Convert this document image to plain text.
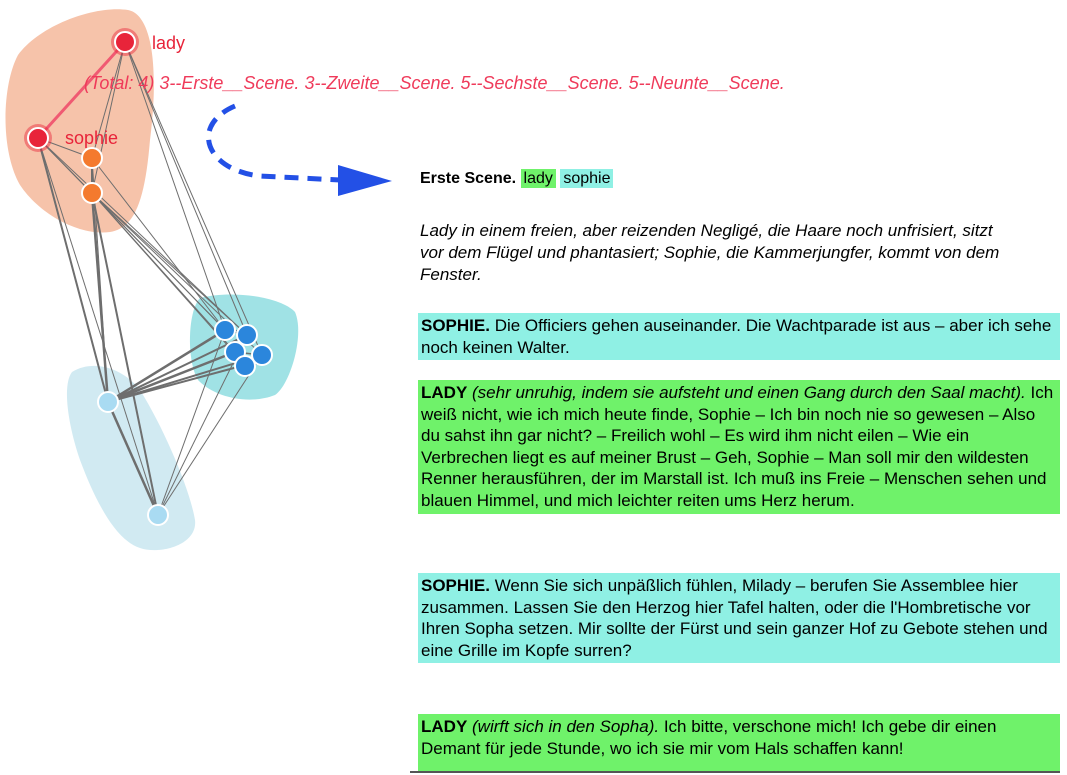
lady
sophie
(Total: 4) 3--Erste__Scene. 3--Zweite__Scene. 5--Sechste__Scene. 5--Neunte__Scene.
Erste Scene. lady sophie
Lady in einem freien, aber reizenden Negligé, die Haare noch unfrisiert, sitzt vor dem Flügel und phantasiert; Sophie, die Kammerjungfer, kommt von dem Fenster.
SOPHIE. Die Officiers gehen auseinander. Die Wachtparade ist aus – aber ich sehe noch keinen Walter.
LADY (sehr unruhig, indem sie aufsteht und einen Gang durch den Saal macht). Ich weiß nicht, wie ich mich heute finde, Sophie – Ich bin noch nie so gewesen – Also du sahst ihn gar nicht? – Freilich wohl – Es wird ihm nicht eilen – Wie ein Verbrechen liegt es auf meiner Brust – Geh, Sophie – Man soll mir den wildesten Renner herausführen, der im Marstall ist. Ich muß ins Freie – Menschen sehen und blauen Himmel, und mich leichter reiten ums Herz herum.
SOPHIE. Wenn Sie sich unpäßlich fühlen, Milady – berufen Sie Assemblee hier zusammen. Lassen Sie den Herzog hier Tafel halten, oder die l'Hombretische vor Ihren Sopha setzen. Mir sollte der Fürst und sein ganzer Hof zu Gebote stehen und eine Grille im Kopfe surren?
LADY (wirft sich in den Sopha). Ich bitte, verschone mich! Ich gebe dir einen Demant für jede Stunde, wo ich sie mir vom Hals schaffen kann!
